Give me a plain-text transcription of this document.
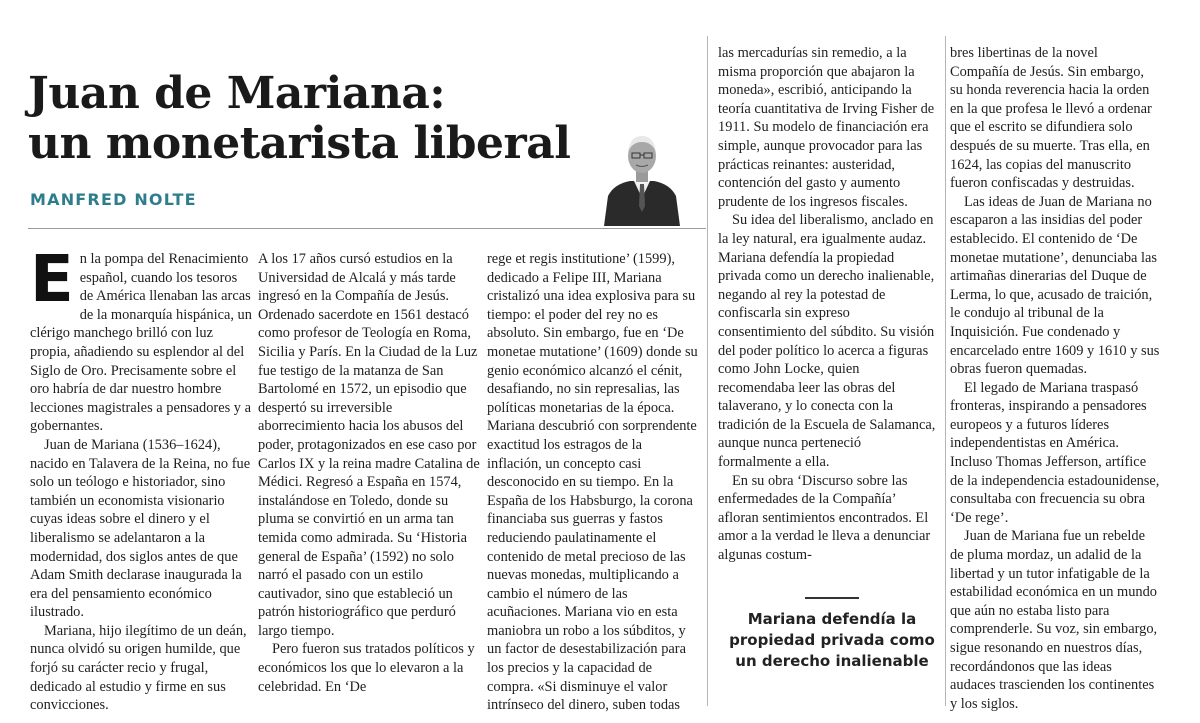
Juan de Mariana:
un monetarista liberal
MANFRED NOLTE

En la pompa del Renacimiento español, cuando los tesoros de América llenaban las arcas de la monarquía hispánica, un clérigo manchego brilló con luz propia, añadiendo su esplendor al del Siglo de Oro. Precisamente sobre el oro habría de dar nuestro hombre lecciones magistrales a pensadores y a gobernantes.

Juan de Mariana (1536–1624), nacido en Talavera de la Reina, no fue solo un teólogo e historiador, sino también un economista visionario cuyas ideas sobre el dinero y el liberalismo se adelantaron a la modernidad, dos siglos antes de que Adam Smith declarase inaugurada la era del pensamiento económico ilustrado.

Mariana, hijo ilegítimo de un deán, nunca olvidó su origen humilde, que forjó su carácter recio y frugal, dedicado al estudio y firme en sus convicciones.

A los 17 años cursó estudios en la Universidad de Alcalá y más tarde ingresó en la Compañía de Jesús. Ordenado sacerdote en 1561 destacó como profesor de Teología en Roma, Sicilia y París. En la Ciudad de la Luz fue testigo de la matanza de San Bartolomé en 1572, un episodio que despertó su irreversible aborrecimiento hacia los abusos del poder, protagonizados en ese caso por Carlos IX y la reina madre Catalina de Médici. Regresó a España en 1574, instalándose en Toledo, donde su pluma se convirtió en un arma tan temida como admirada. Su ‘Historia general de España’ (1592) no solo narró el pasado con un estilo cautivador, sino que estableció un patrón historiográfico que perduró largo tiempo.

Pero fueron sus tratados políticos y económicos los que lo elevaron a la celebridad. En ‘De

rege et regis institutione’ (1599), dedicado a Felipe III, Mariana cristalizó una idea explosiva para su tiempo: el poder del rey no es absoluto. Sin embargo, fue en ‘De monetae mutatione’ (1609) donde su genio económico alcanzó el cénit, desafiando, no sin represalias, las políticas monetarias de la época. Mariana descubrió con sorprendente exactitud los estragos de la inflación, un concepto casi desconocido en su tiempo. En la España de los Habsburgo, la corona financiaba sus guerras y fastos reduciendo paulatinamente el contenido de metal precioso de las nuevas monedas, multiplicando a cambio el número de las acuñaciones. Mariana vio en esta maniobra un robo a los súbditos, y un factor de desestabilización para los precios y la capacidad de compra. «Si disminuye el valor intrínseco del dinero, suben todas

las mercadurías sin remedio, a la misma proporción que abajaron la moneda», escribió, anticipando la teoría cuantitativa de Irving Fisher de 1911. Su modelo de financiación era simple, aunque provocador para las prácticas reinantes: austeridad, contención del gasto y aumento prudente de los ingresos fiscales.

Su idea del liberalismo, anclado en la ley natural, era igualmente audaz. Mariana defendía la propiedad privada como un derecho inalienable, negando al rey la potestad de confiscarla sin expreso consentimiento del súbdito. Su visión del poder político lo acerca a figuras como John Locke, quien recomendaba leer las obras del talaverano, y lo conecta con la tradición de la Escuela de Salamanca, aunque nunca perteneció formalmente a ella.

En su obra ‘Discurso sobre las enfermedades de la Compañía’ afloran sentimientos encontrados. El amor a la verdad le lleva a denunciar algunas costum-

Mariana defendía la propiedad privada como un derecho inalienable

bres libertinas de la novel Compañía de Jesús. Sin embargo, su honda reverencia hacia la orden en la que profesa le llevó a ordenar que el escrito se difundiera solo después de su muerte. Tras ella, en 1624, las copias del manuscrito fueron confiscadas y destruidas.

Las ideas de Juan de Mariana no escaparon a las insidias del poder establecido. El contenido de ‘De monetae mutatione’, denunciaba las artimañas dinerarias del Duque de Lerma, lo que, acusado de traición, le condujo al tribunal de la Inquisición. Fue condenado y encarcelado entre 1609 y 1610 y sus obras fueron quemadas.

El legado de Mariana traspasó fronteras, inspirando a pensadores europeos y a futuros líderes independentistas en América. Incluso Thomas Jefferson, artífice de la independencia estadounidense, consultaba con frecuencia su obra ‘De rege’.

Juan de Mariana fue un rebelde de pluma mordaz, un adalid de la libertad y un tutor infatigable de la estabilidad económica en un mundo que aún no estaba listo para comprenderle. Su voz, sin embargo, sigue resonando en nuestros días, recordándonos que las ideas audaces trascienden los continentes y los siglos.
